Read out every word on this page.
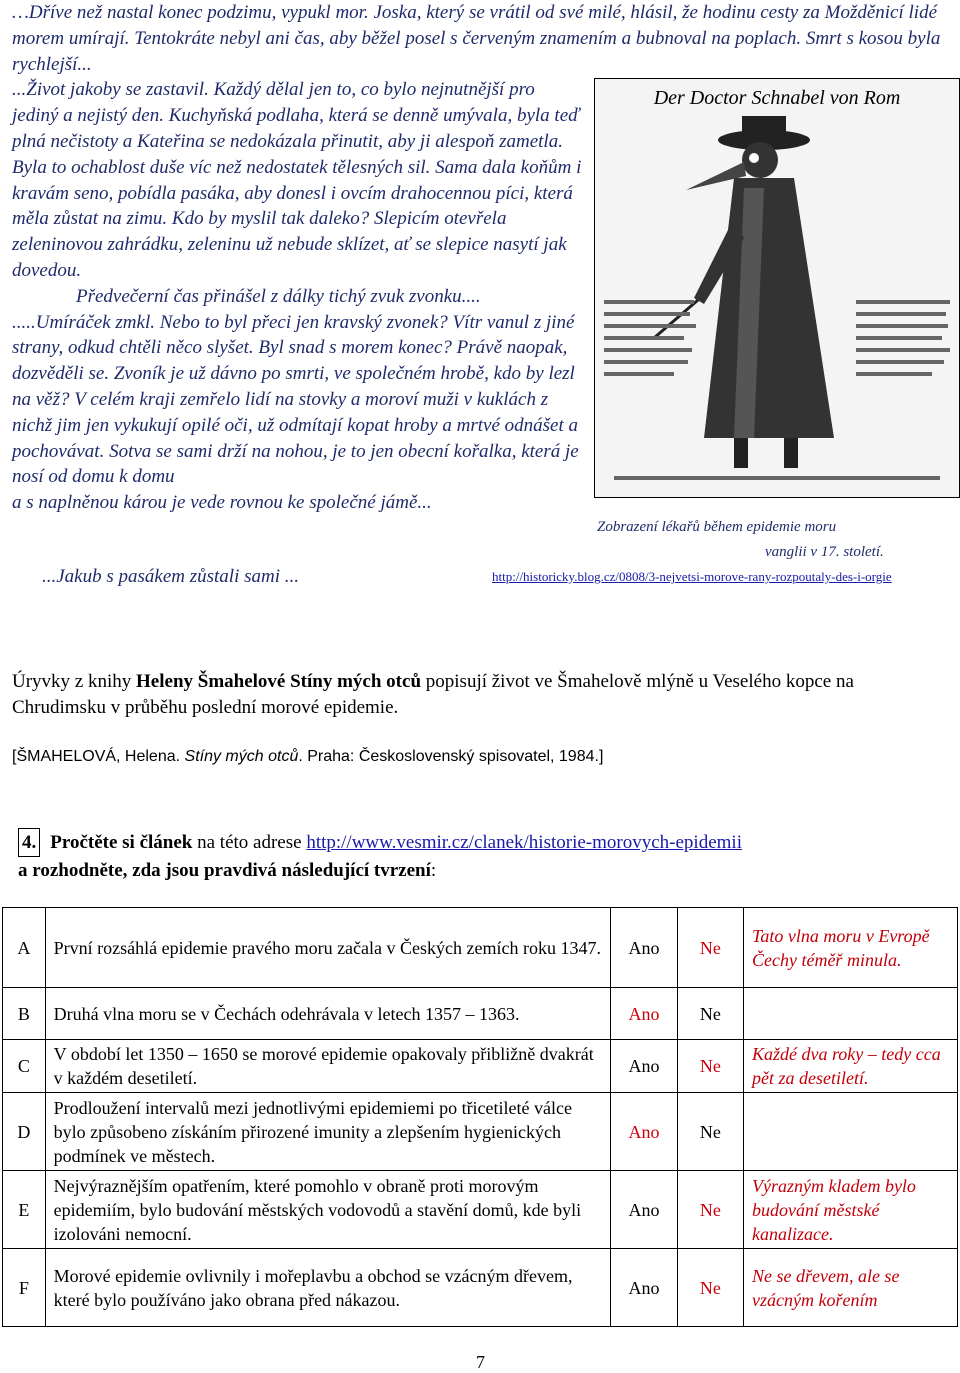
…Dříve než nastal konec podzimu, vypukl mor. Joska, který se vrátil od své milé, hlásil, že hodinu cesty za Možděnicí lidé morem umírají. Tentokráte nebyl ani čas, aby běžel posel s červeným znamením a bubnoval na poplach. Smrt s kosou byla rychlejší...

...Život jakoby se zastavil. Každý dělal jen to, co bylo nejnutnější pro jediný a nejistý den. Kuchyňská podlaha, která se denně umývala, byla teď plná nečistoty a Kateřina se nedokázala přinutit, aby ji alespoň zametla. Byla to ochablost duše víc než nedostatek tělesných sil. Sama dala koňům i kravám seno, pobídla pasáka, aby donesl i ovcím drahocennou píci, která měla zůstat na zimu. Kdo by myslil tak daleko? Slepicím otevřela zeleninovou zahrádku, zeleninu už nebude sklízet, ať se slepice nasytí jak dovedou.

Předvečerní čas přinášel z dálky tichý zvuk zvonku....

.....Umíráček zmkl. Nebo to byl přeci jen kravský zvonek? Vítr vanul z jiné strany, odkud chtěli něco slyšet. Byl snad s morem konec? Právě naopak, dozvěděli se. Zvoník je už dávno po smrti, ve společném hrobě, kdo by lezl na věž? V celém kraji zemřelo lidí na stovky a moroví muži v kuklách z nichž jim jen vykukují opilé oči, už odmítají kopat hroby a mrtvé odnášet a pochovávat. Sotva se sami drží na nohou, je to jen obecní kořalka, která je nosí od domu k domu

a s naplněnou károu je vede rovnou ke společné jámě...

...Jakub s pasákem zůstali sami ...
Der Doctor Schnabel von Rom
Zobrazení lékařů během epidemie moru
vanglii v 17. století.
http://historicky.blog.cz/0808/3-nejvetsi-morove-rany-rozpoutaly-des-i-orgie

Úryvky z knihy Heleny Šmahelové Stíny mých otců popisují život ve Šmahelově mlýně u Veselého kopce na Chrudimsku v průběhu poslední morové epidemie.

[ŠMAHELOVÁ, Helena. Stíny mých otců. Praha: Československý spisovatel, 1984.]
4. Pročtěte si článek na této adrese http://www.vesmir.cz/clanek/historie-morovych-epidemii
a rozhodněte, zda jsou pravdivá následující tvrzení:
A	První rozsáhlá epidemie pravého moru začala v Českých zemích roku 1347.	Ano	Ne	Tato vlna moru v Evropě Čechy téměř minula.
B	Druhá vlna moru se v Čechách odehrávala v letech 1357 – 1363.	Ano	Ne	
C	V období let 1350 – 1650 se morové epidemie opakovaly přibližně dvakrát v každém desetiletí.	Ano	Ne	Každé dva roky – tedy cca pět za desetiletí.
D	Prodloužení intervalů mezi jednotlivými epidemiemi po třicetileté válce bylo způsobeno získáním přirozené imunity a zlepšením hygienických podmínek ve městech.	Ano	Ne	
E	Nejvýraznějším opatřením, které pomohlo v obraně proti morovým epidemiím, bylo budování městských vodovodů a stavění domů, kde byli izolováni nemocní.	Ano	Ne	Výrazným kladem bylo budování městské kanalizace.
F	Morové epidemie ovlivnily i mořeplavbu a obchod se vzácným dřevem, které bylo používáno jako obrana před nákazou.	Ano	Ne	Ne se dřevem, ale se vzácným kořením
7
